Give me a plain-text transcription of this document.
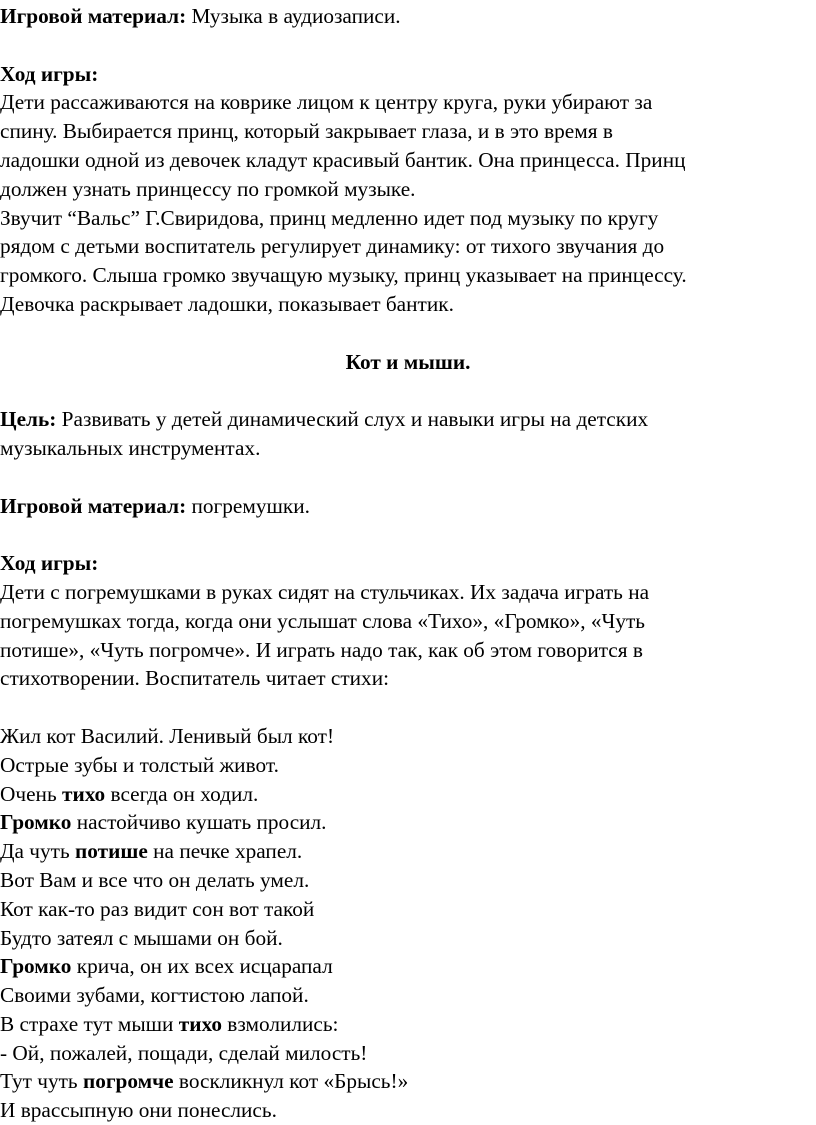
Игровой материал: Музыка в аудиозаписи.
Ход игры:
Дети рассаживаются на коврике лицом к центру круга, руки убирают за
спину. Выбирается принц, который закрывает глаза, и в это время в
ладошки одной из девочек кладут красивый бантик. Она принцесса. Принц
должен узнать принцессу по громкой музыке.
Звучит “Вальс” Г.Свиридова, принц медленно идет под музыку по кругу
рядом с детьми воспитатель регулирует динамику: от тихого звучания до
громкого. Слыша громко звучащую музыку, принц указывает на принцессу.
Девочка раскрывает ладошки, показывает бантик.
Кот и мыши.
Цель: Развивать у детей динамический слух и навыки игры на детских
музыкальных инструментах.
Игровой материал: погремушки.
Ход игры:
Дети с погремушками в руках сидят на стульчиках. Их задача играть на
погремушках тогда, когда они услышат слова «Тихо», «Громко», «Чуть
потише», «Чуть погромче». И играть надо так, как об этом говорится в
стихотворении. Воспитатель читает стихи:
Жил кот Василий. Ленивый был кот!
Острые зубы и толстый живот.
Очень тихо всегда он ходил.
Громко настойчиво кушать просил.
Да чуть потише на печке храпел.
Вот Вам и все что он делать умел.
Кот как-то раз видит сон вот такой
Будто затеял с мышами он бой.
Громко крича, он их всех исцарапал
Своими зубами, когтистою лапой.
В страхе тут мыши тихо взмолились:
- Ой, пожалей, пощади, сделай милость!
Тут чуть погромче воскликнул кот «Брысь!»
И врассыпную они понеслись.
